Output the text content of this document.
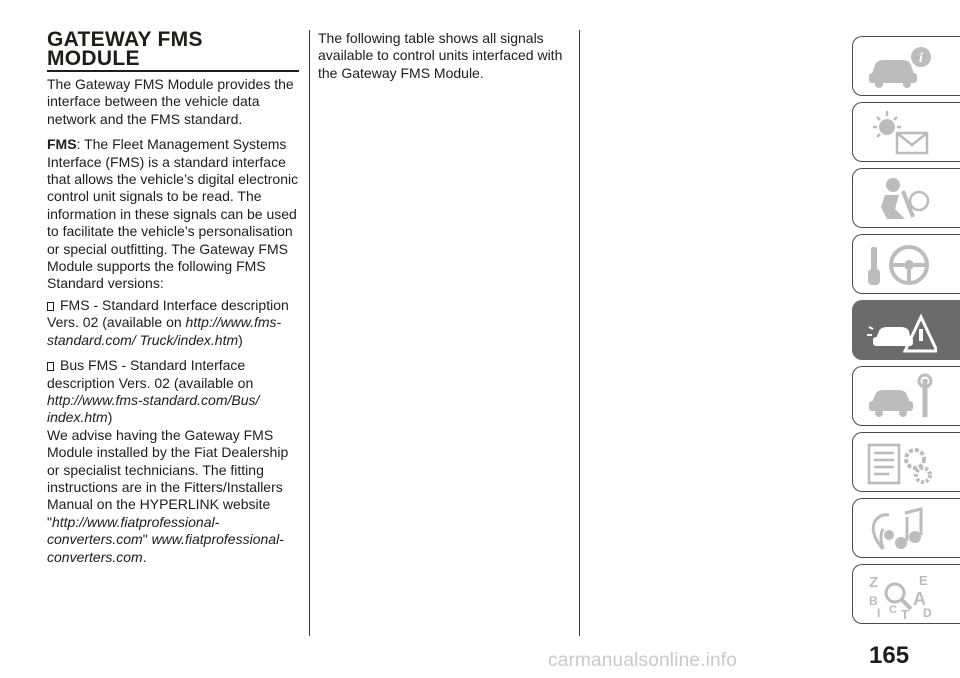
GATEWAY FMS
MODULE

The Gateway FMS Module provides the interface between the vehicle data network and the FMS standard.

FMS: The Fleet Management Systems Interface (FMS) is a standard interface that allows the vehicle’s digital electronic control unit signals to be read. The information in these signals can be used to facilitate the vehicle’s personalisation or special outfitting. The Gateway FMS Module supports the following FMS Standard versions:

FMS - Standard Interface description Vers. 02 (available on http://www.fms-standard.com/ Truck/index.htm)
Bus FMS - Standard Interface description Vers. 02 (available on http://www.fms-standard.com/Bus/ index.htm)

We advise having the Gateway FMS Module installed by the Fiat Dealership or specialist technicians. The fitting instructions are in the Fitters/Installers Manual on the HYPERLINK website "http://www.fiatprofessional-converters.com" www.fiatprofessional-converters.com.

The following table shows all signals available to control units interfaced with the Gateway FMS Module.

i
Z	E
B A
D
I C T
165
carmanualsonline.info
